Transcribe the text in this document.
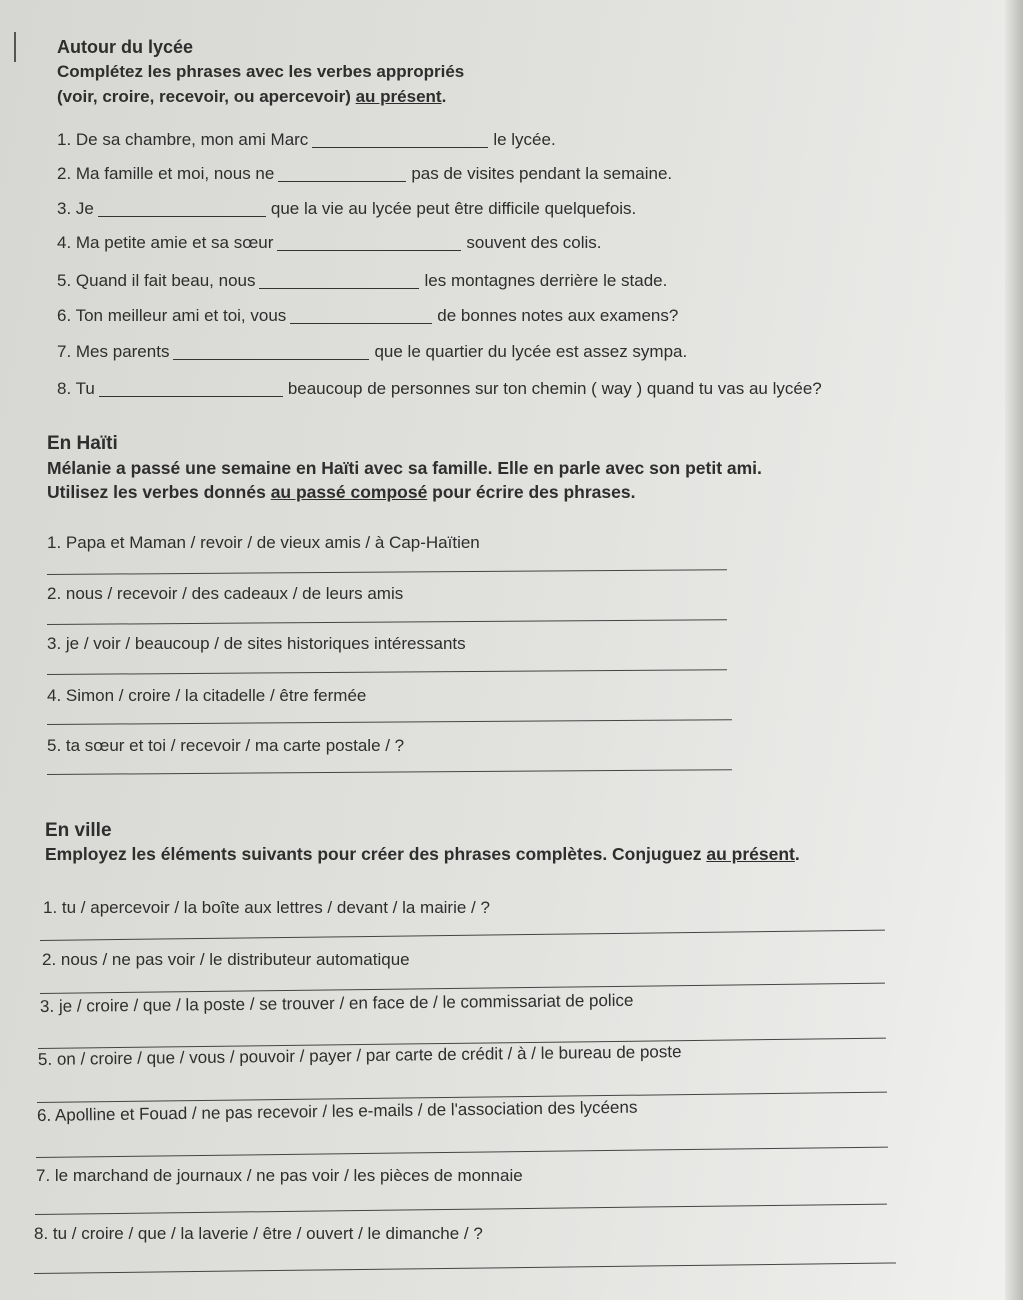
Autour du lycée
Complétez les phrases avec les verbes appropriés
(voir, croire, recevoir, ou apercevoir) au présent.
1. De sa chambre, mon ami Marc	le lycée.
2. Ma famille et moi, nous ne	pas de visites pendant la semaine.
3. Je	que la vie au lycée peut être difficile quelquefois.
4. Ma petite amie et sa sœur	souvent des colis.
5. Quand il fait beau, nous	les montagnes derrière le stade.
6. Ton meilleur ami et toi, vous	de bonnes notes aux examens?
7. Mes parents	que le quartier du lycée est assez sympa.
8. Tu	beaucoup de personnes sur ton chemin ( way ) quand tu vas au lycée?
En Haïti
Mélanie a passé une semaine en Haïti avec sa famille. Elle en parle avec son petit ami.
Utilisez les verbes donnés au passé composé pour écrire des phrases.
1. Papa et Maman / revoir / de vieux amis / à Cap-Haïtien
2. nous / recevoir / des cadeaux / de leurs amis
3. je / voir / beaucoup / de sites historiques intéressants
4. Simon / croire / la citadelle / être fermée
5. ta sœur et toi / recevoir / ma carte postale / ?
En ville
Employez les éléments suivants pour créer des phrases complètes. Conjuguez au présent.
1. tu / apercevoir / la boîte aux lettres / devant / la mairie / ?
2. nous / ne pas voir / le distributeur automatique
3. je / croire / que / la poste / se trouver / en face de / le commissariat de police
5. on / croire / que / vous / pouvoir / payer / par carte de crédit / à / le bureau de poste
6. Apolline et Fouad / ne pas recevoir / les e-mails / de l'association des lycéens
7. le marchand de journaux / ne pas voir / les pièces de monnaie
8. tu / croire / que / la laverie / être / ouvert / le dimanche / ?
